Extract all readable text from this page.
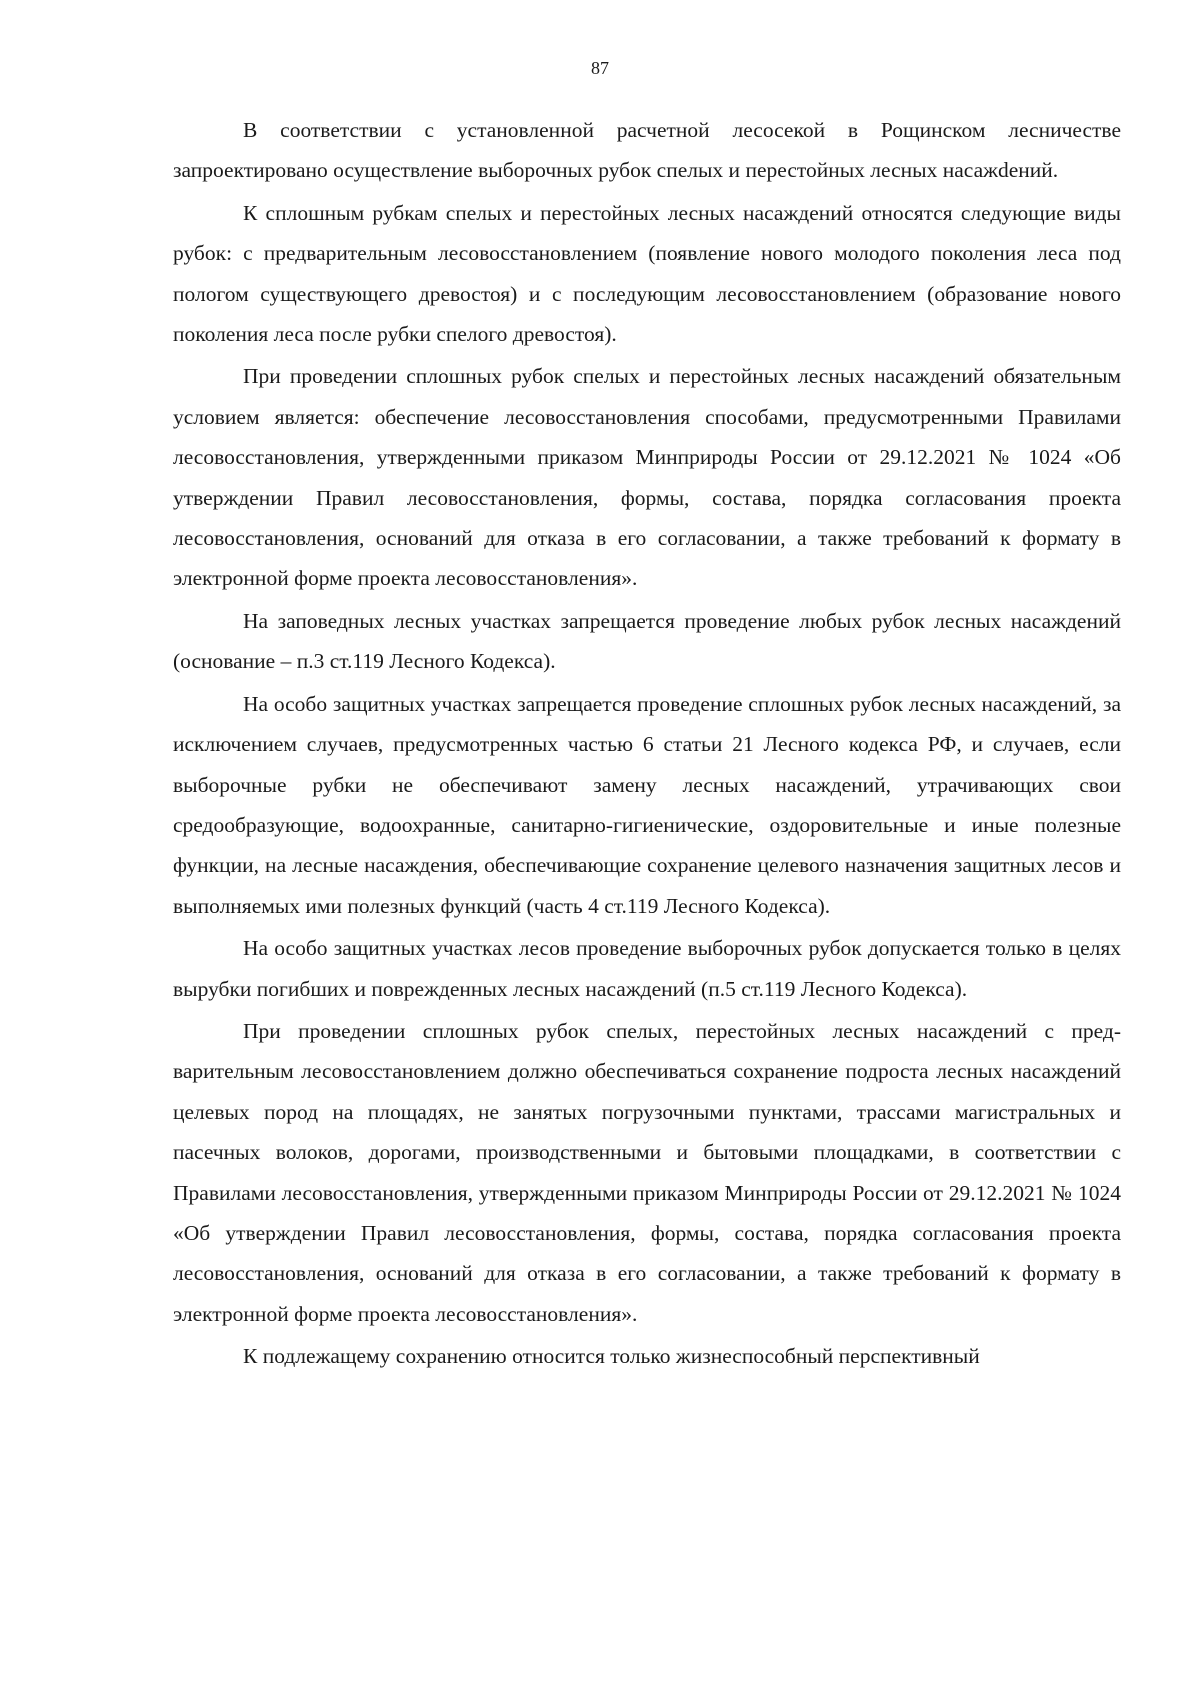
87

В соответствии с установленной расчетной лесосекой в Рощинском лесничестве запроектировано осуществление выборочных рубок спелых и перестойных лесных насажdений.

К сплошным рубкам спелых и перестойных лесных насаждений относятся следующие виды рубок: с предварительным лесовосстановлением (появление нового молодого поколения леса под пологом существующего древостоя) и с последующим лесовосстановлением (образование нового поколения леса после рубки спелого древостоя).

При проведении сплошных рубок спелых и перестойных лесных насаждений обязательным условием является: обеспечение лесовосстановления способами, предусмотренными Правилами лесовосстановления, утвержденными приказом Минприроды России от 29.12.2021 № 1024 «Об утверждении Правил лесовосстановления, формы, состава, порядка согласования проекта лесовосстановления, оснований для отказа в его согласовании, а также требований к формату в электронной форме проекта лесовосстановления».

На заповедных лесных участках запрещается проведение любых рубок лесных насаждений (основание – п.3 ст.119 Лесного Кодекса).

На особо защитных участках запрещается проведение сплошных рубок лесных насаждений, за исключением случаев, предусмотренных частью 6 статьи 21 Лесного кодекса РФ, и случаев, если выборочные рубки не обеспечивают замену лесных насаждений, утрачивающих свои средообразующие, водоохранные, санитарно-гигиенические, оздоровительные и иные полезные функции, на лесные насаждения, обеспечивающие сохранение целевого назначения защитных лесов и выполняемых ими полезных функций (часть 4 ст.119 Лесного Кодекса).

На особо защитных участках лесов проведение выборочных рубок допускается только в целях вырубки погибших и поврежденных лесных насаждений (п.5 ст.119 Лесного Кодекса).

При проведении сплошных рубок спелых, перестойных лесных насаждений с предварительным лесовосстановлением должно обеспечиваться сохранение подроста лесных насаждений целевых пород на площадях, не занятых погрузочными пунктами, трассами магистральных и пасечных волоков, дорогами, производственными и бытовыми площадками, в соответствии с Правилами лесовосстановления, утвержденными приказом Минприроды России от 29.12.2021 № 1024 «Об утверждении Правил лесовосстановления, формы, состава, порядка согласования проекта лесовосстановления, оснований для отказа в его согласовании, а также требований к формату в электронной форме проекта лесовосстановления».

К подлежащему сохранению относится только жизнеспособный перспективный
